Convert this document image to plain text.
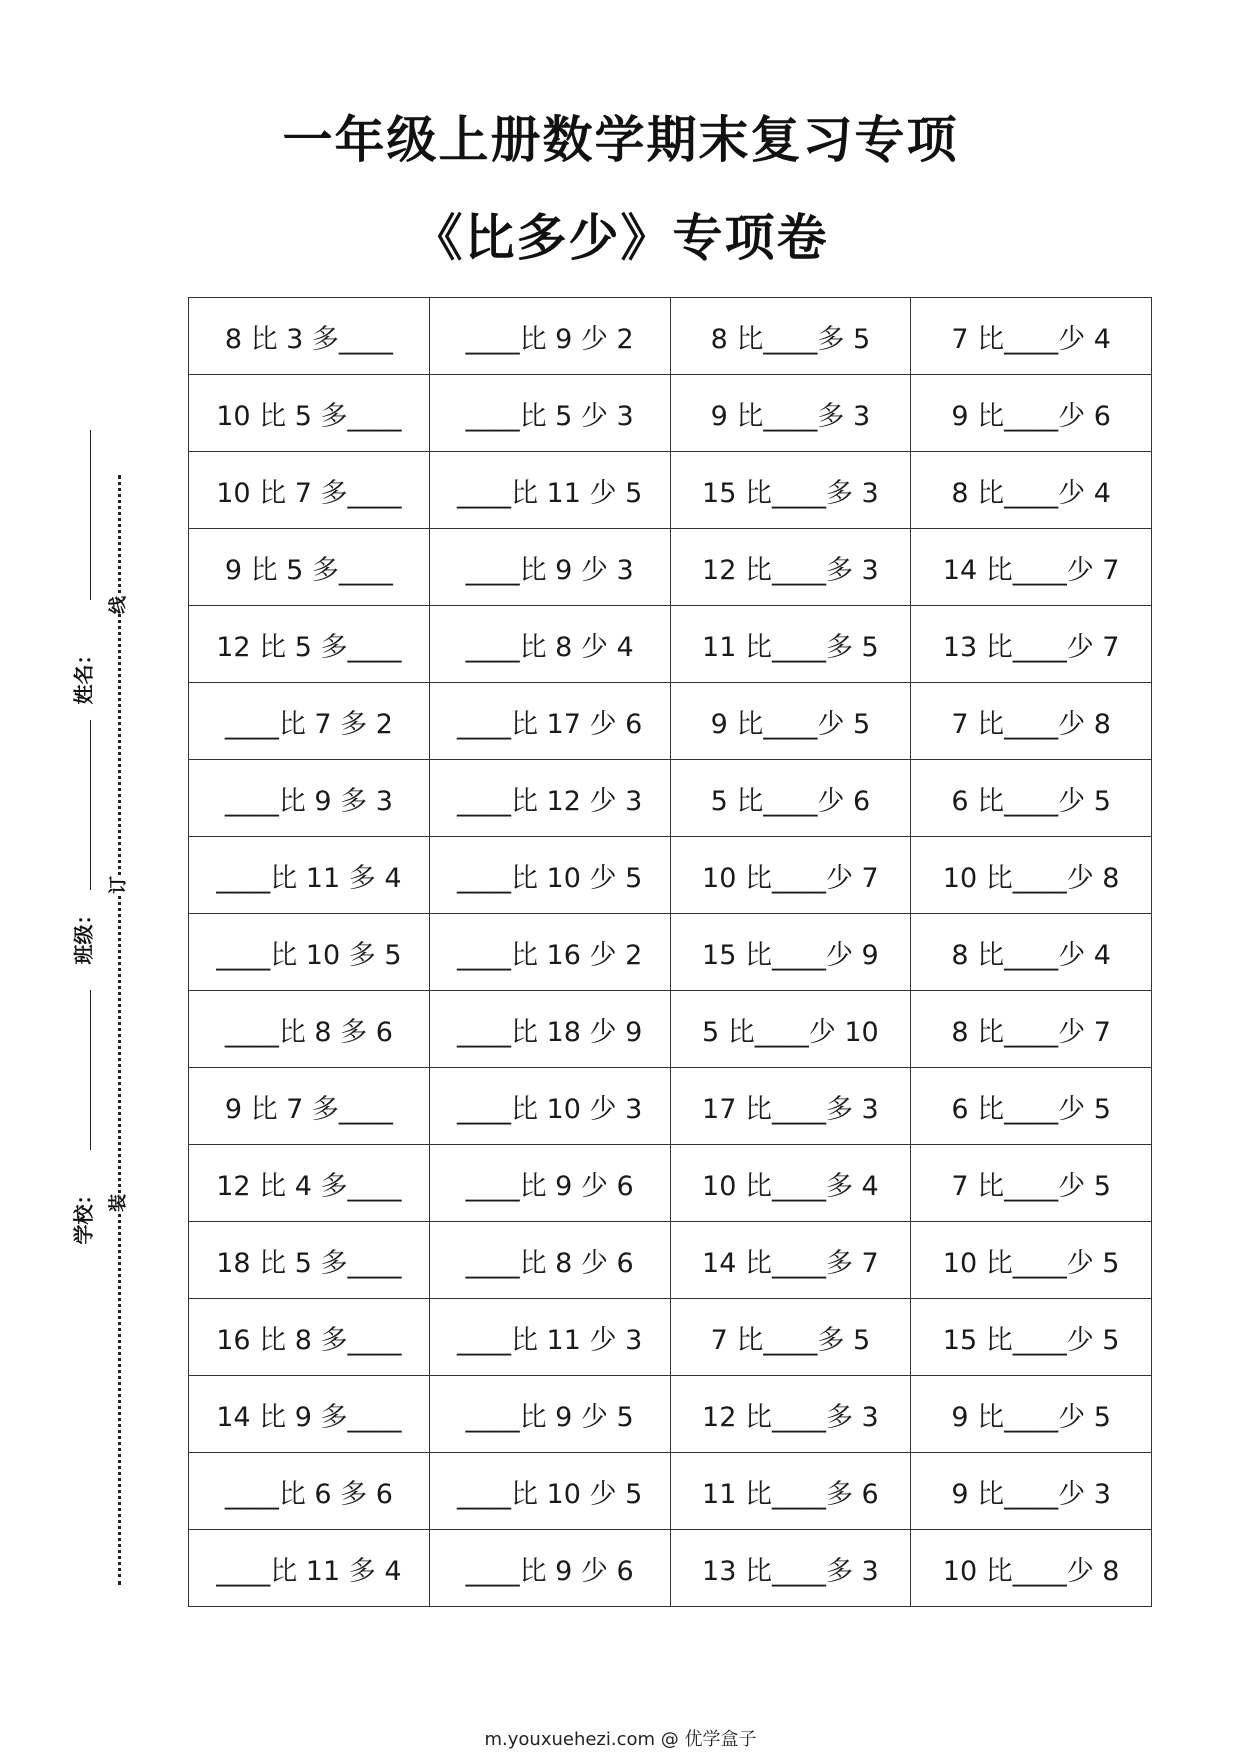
一年级上册数学期末复习专项
《比多少》专项卷
姓名：
班级：
学校：
线
订
装
8 比 3 多____	____比 9 少 2	8 比____多 5	7 比____少 4
10 比 5 多____	____比 5 少 3	9 比____多 3	9 比____少 6
10 比 7 多____	____比 11 少 5	15 比____多 3	8 比____少 4
9 比 5 多____	____比 9 少 3	12 比____多 3	14 比____少 7
12 比 5 多____	____比 8 少 4	11 比____多 5	13 比____少 7
____比 7 多 2	____比 17 少 6	9 比____少 5	7 比____少 8
____比 9 多 3	____比 12 少 3	5 比____少 6	6 比____少 5
____比 11 多 4	____比 10 少 5	10 比____少 7	10 比____少 8
____比 10 多 5	____比 16 少 2	15 比____少 9	8 比____少 4
____比 8 多 6	____比 18 少 9	5 比____少 10	8 比____少 7
9 比 7 多____	____比 10 少 3	17 比____多 3	6 比____少 5
12 比 4 多____	____比 9 少 6	10 比____多 4	7 比____少 5
18 比 5 多____	____比 8 少 6	14 比____多 7	10 比____少 5
16 比 8 多____	____比 11 少 3	7 比____多 5	15 比____少 5
14 比 9 多____	____比 9 少 5	12 比____多 3	9 比____少 5
____比 6 多 6	____比 10 少 5	11 比____多 6	9 比____少 3
____比 11 多 4	____比 9 少 6	13 比____多 3	10 比____少 8
m.youxuehezi.com @ 优学盒子
